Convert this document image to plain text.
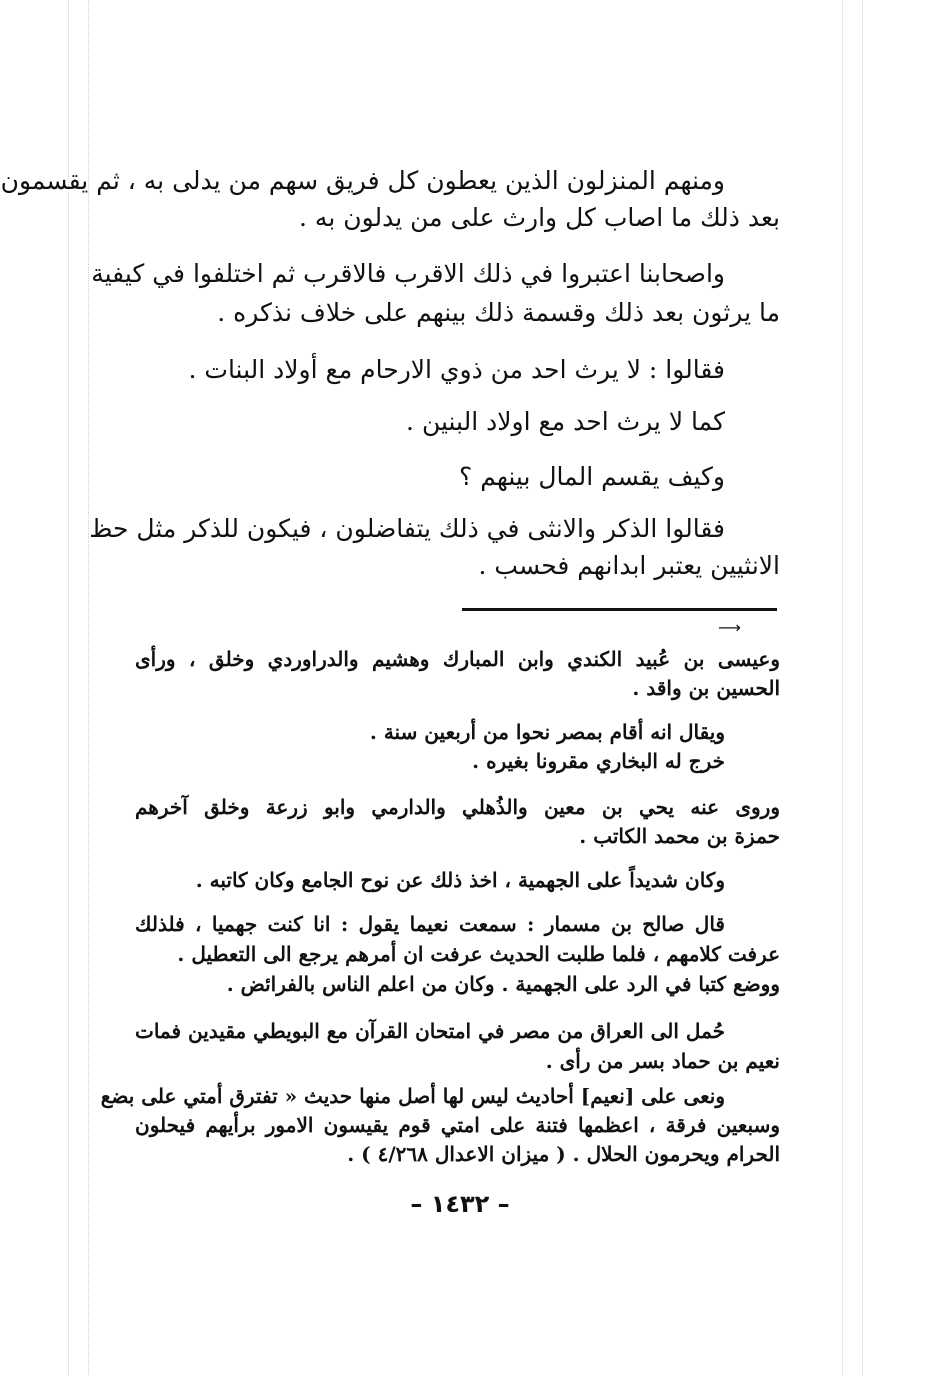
ومنهم المنزلون الذين يعطون كل فريق سهم من يدلى به ، ثم يقسمون
بعد ذلك ما اصاب كل وارث على من يدلون به .
واصحابنا اعتبروا في ذلك الاقرب فالاقرب ثم اختلفوا في كيفية
ما يرثون بعد ذلك وقسمة ذلك بينهم على خلاف نذكره .
فقالوا : لا يرث احد من ذوي الارحام مع أولاد البنات .
كما لا يرث احد مع اولاد البنين .
وكيف يقسم المال بينهم ؟
فقالوا الذكر والانثى في ذلك يتفاضلون ، فيكون للذكر مثل حظ
الانثيين يعتبر ابدانهم فحسب .
⟶
وعيسى بن عُبيد الكندي وابن المبارك وهشيم والدراوردي وخلق ، ورأى
الحسين بن واقد .
ويقال انه أقام بمصر نحوا من أربعين سنة .
خرج له البخاري مقرونا بغيره .
وروى عنه يحي بن معين والذُهلي والدارمي وابو زرعة وخلق آخرهم
حمزة بن محمد الكاتب .
وكان شديداً على الجهمية ، اخذ ذلك عن نوح الجامع وكان كاتبه .
قال صالح بن مسمار : سمعت نعيما يقول : انا كنت جهميا ، فلذلك
عرفت كلامهم ، فلما طلبت الحديث عرفت ان أمرهم يرجع الى التعطيل .
ووضع كتبا في الرد على الجهمية . وكان من اعلم الناس بالفرائض .
حُمل الى العراق من مصر في امتحان القرآن مع البويطي مقيدين فمات
نعيم بن حماد بسر من رأى .
ونعى على [نعيم] أحاديث ليس لها أصل منها حديث « تفترق أمتي على بضع
وسبعين فرقة ، اعظمها فتنة على امتي قوم يقيسون الامور برأيهم فيحلون
الحرام ويحرمون الحلال . ( ميزان الاعدال ٤/٢٦٨ ) .
– ١٤٣٢ –
